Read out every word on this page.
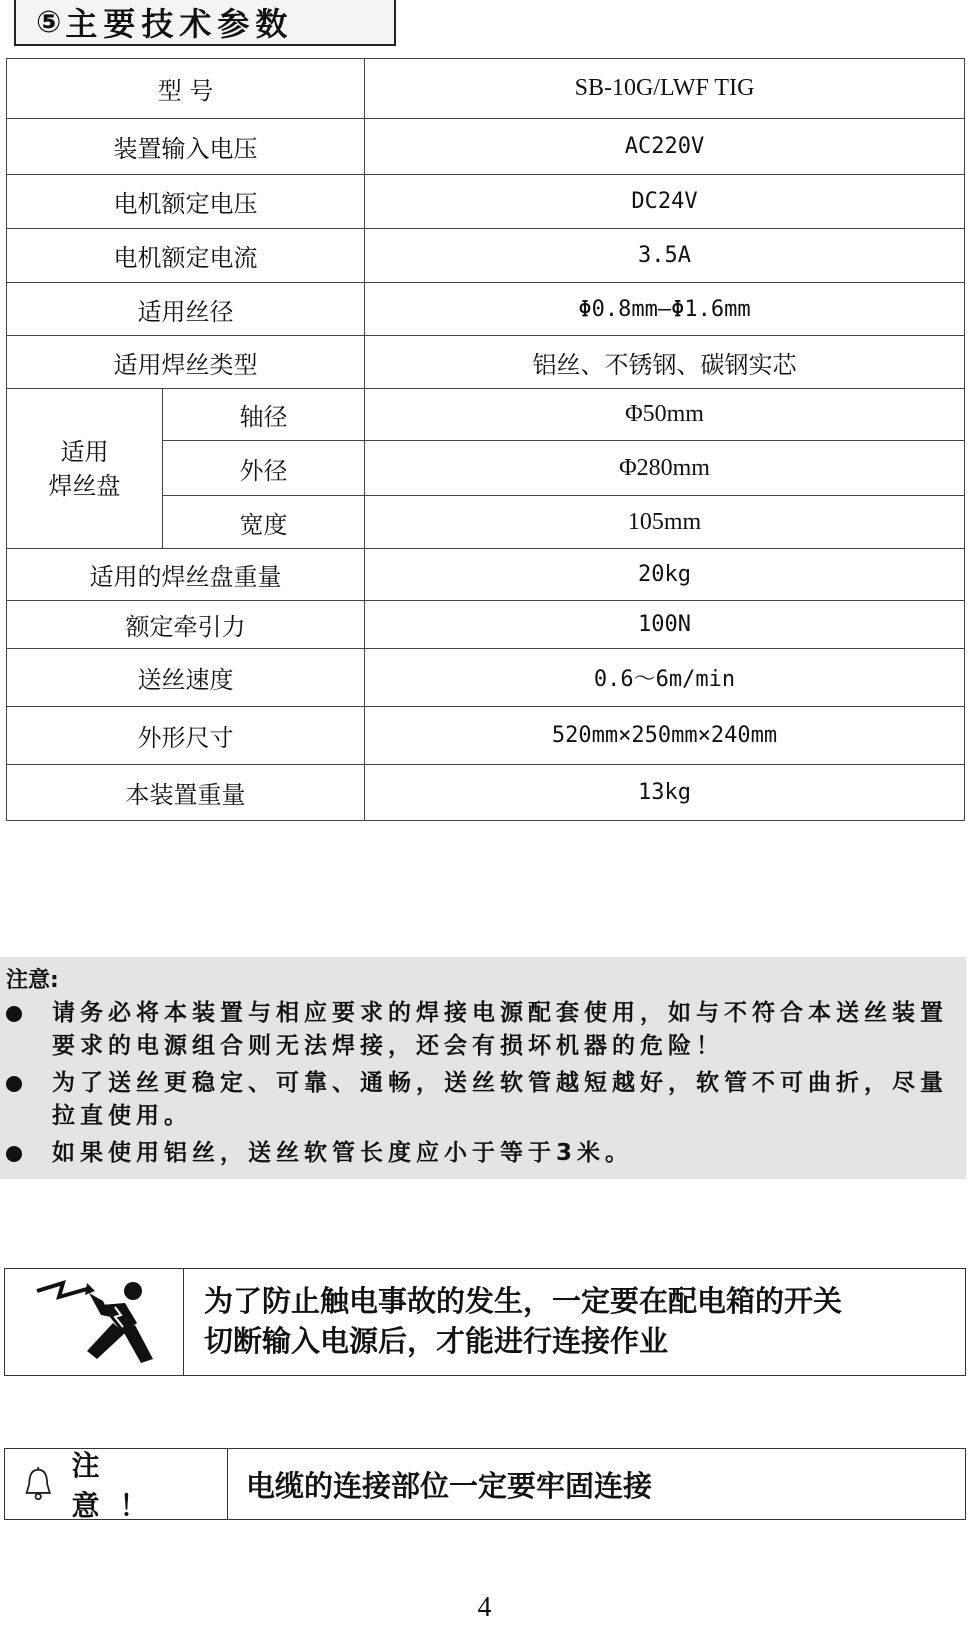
⑤ 主要技术参数
型 号		SB-10G/LWF TIG
装置输入电压		AC220V
电机额定电压		DC24V
电机额定电流		3.5A
适用丝径		Φ0.8mm—Φ1.6mm
适用焊丝类型		铝丝、不锈钢、碳钢实芯
适用
焊丝盘	轴径	Φ50mm
	外径	Φ280mm
	宽度	105mm
适用的焊丝盘重量		20kg
额定牵引力		100N
送丝速度		0.6～6m/min
外形尺寸		520mm×250mm×240mm
本装置重量		13kg
注意:
请务必将本装置与相应要求的焊接电源配套使用，如与不符合本送丝装置要求的电源组合则无法焊接，还会有损坏机器的危险！
为了送丝更稳定、可靠、通畅，送丝软管越短越好，软管不可曲折，尽量拉直使用。
如果使用铝丝，送丝软管长度应小于等于3米。
为了防止触电事故的发生，一定要在配电箱的开关
切断输入电源后，才能进行连接作业
注 意！
电缆的连接部位一定要牢固连接
4
